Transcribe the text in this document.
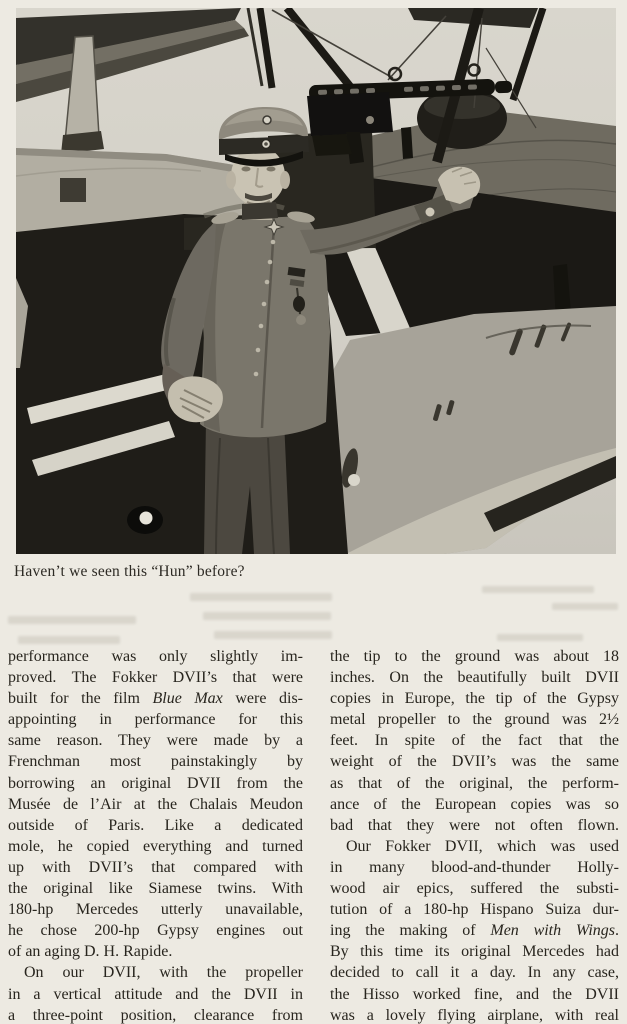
Haven’t we seen this “Hun” before?
performance was only slightly im-
proved. The Fokker DVII’s that were
built for the film Blue Max were dis-
appointing in performance for this
same reason. They were made by a
Frenchman most painstakingly by
borrowing an original DVII from the
Musée de l’Air at the Chalais Meudon
outside of Paris. Like a dedicated
mole, he copied everything and turned
up with DVII’s that compared with
the original like Siamese twins. With
180-hp Mercedes utterly unavailable,
he chose 200-hp Gypsy engines out
of an aging D. H. Rapide.
On our DVII, with the propeller
in a vertical attitude and the DVII in
a three-point position, clearance from
the tip to the ground was about 18
inches. On the beautifully built DVII
copies in Europe, the tip of the Gypsy
metal propeller to the ground was 2½
feet. In spite of the fact that the
weight of the DVII’s was the same
as that of the original, the perform-
ance of the European copies was so
bad that they were not often flown.
Our Fokker DVII, which was used
in many blood-and-thunder Holly-
wood air epics, suffered the substi-
tution of a 180-hp Hispano Suiza dur-
ing the making of Men with Wings.
By this time its original Mercedes had
decided to call it a day. In any case,
the Hisso worked fine, and the DVII
was a lovely flying airplane, with real
